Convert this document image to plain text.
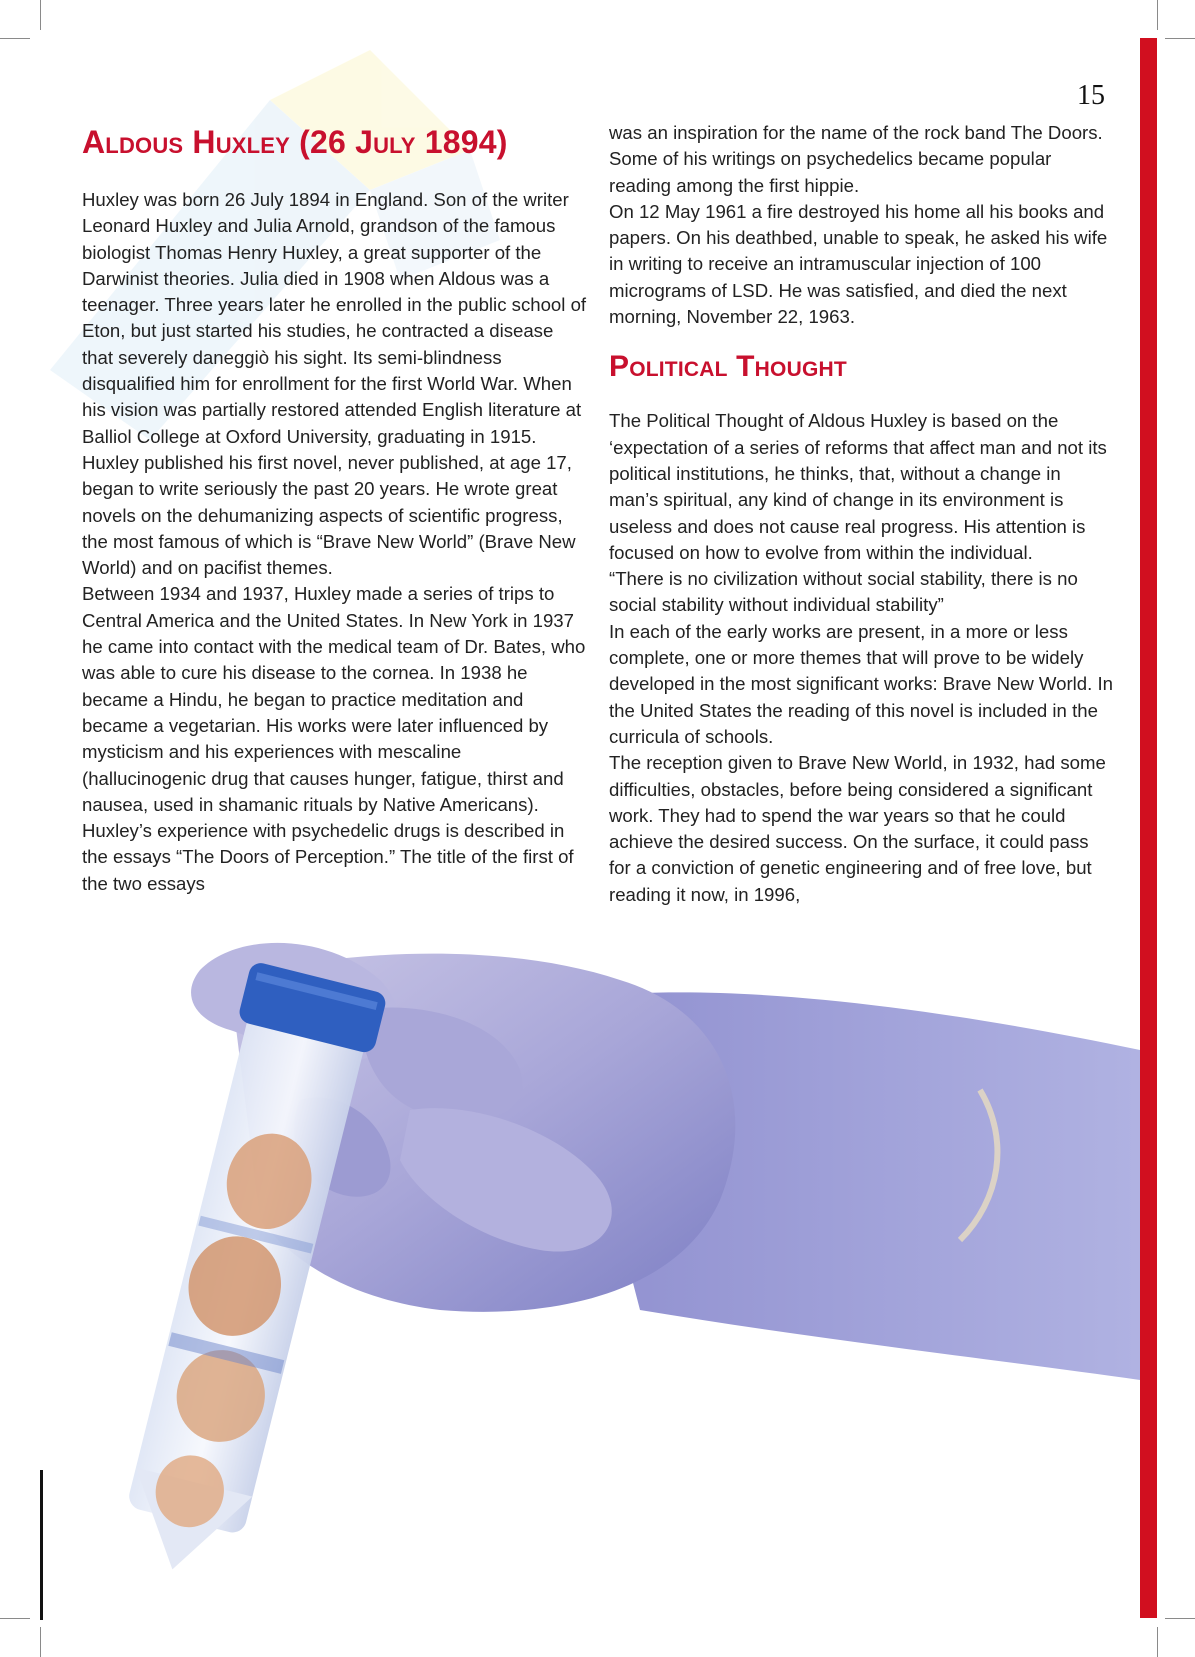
15
Aldous Huxley (26 July 1894)

Huxley was born 26 July 1894 in England. Son of the writer Leonard Huxley and Julia Arnold, grandson of the famous biologist Thomas Henry Huxley, a great supporter of the Darwinist theories. Julia died in 1908 when Aldous was a teenager. Three years later he enrolled in the public school of Eton, but just started his studies, he contracted a disease that severely daneggiò his sight. Its semi-blindness disqualified him for enrollment for the first World War. When his vision was partially restored attended English literature at Balliol College at Oxford University, graduating in 1915.

Huxley published his first novel, never published, at age 17, began to write seriously the past 20 years. He wrote great novels on the dehumanizing aspects of scientific progress, the most famous of which is “Brave New World” (Brave New World) and on pacifist themes.

Between 1934 and 1937, Huxley made a series of trips to Central America and the United States. In New York in 1937 he came into contact with the medical team of Dr. Bates, who was able to cure his disease to the cornea. In 1938 he became a Hindu, he began to practice meditation and became a vegetarian. His works were later influenced by mysticism and his experiences with mescaline (hallucinogenic drug that causes hunger, fatigue, thirst and nausea, used in shamanic rituals by Native Americans). Huxley’s experience with psychedelic drugs is described in the essays “The Doors of Perception.” The title of the first of the two essays

was an inspiration for the name of the rock band The Doors. Some of his writings on psychedelics became popular reading among the first hippie.

On 12 May 1961 a fire destroyed his home all his books and papers. On his deathbed, unable to speak, he asked his wife in writing to receive an intramuscular injection of 100 micrograms of LSD. He was satisfied, and died the next morning, November 22, 1963.

Political Thought

The Political Thought of Aldous Huxley is based on the ‘expectation of a series of reforms that affect man and not its political institutions, he thinks, that, without a change in man’s spiritual, any kind of change in its environment is useless and does not cause real progress. His attention is focused on how to evolve from within the individual.

“There is no civilization without social stability, there is no social stability without individual stability”

In each of the early works are present, in a more or less complete, one or more themes that will prove to be widely developed in the most significant works: Brave New World. In the United States the reading of this novel is included in the curricula of schools.

The reception given to Brave New World, in 1932, had some difficulties, obstacles, before being considered a significant work. They had to spend the war years so that he could achieve the desired success. On the surface, it could pass for a conviction of genetic engineering and of free love, but reading it now, in 1996,
